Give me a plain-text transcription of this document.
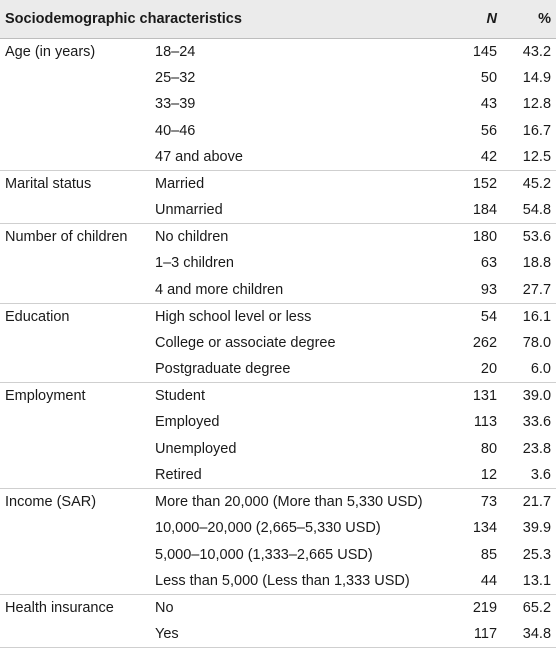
Sociodemographic characteristics		N	%
Age (in years)	18–24	145	43.2
	25–32	50	14.9
	33–39	43	12.8
	40–46	56	16.7
	47 and above	42	12.5
Marital status	Married	152	45.2
	Unmarried	184	54.8
Number of children	No children	180	53.6
	1–3 children	63	18.8
	4 and more children	93	27.7
Education	High school level or less	54	16.1
	College or associate degree	262	78.0
	Postgraduate degree	20	6.0
Employment	Student	131	39.0
	Employed	113	33.6
	Unemployed	80	23.8
	Retired	12	3.6
Income (SAR)	More than 20,000 (More than 5,330 USD)	73	21.7
	10,000–20,000 (2,665–5,330 USD)	134	39.9
	5,000–10,000 (1,333–2,665 USD)	85	25.3
	Less than 5,000 (Less than 1,333 USD)	44	13.1
Health insurance	No	219	65.2
	Yes	117	34.8
